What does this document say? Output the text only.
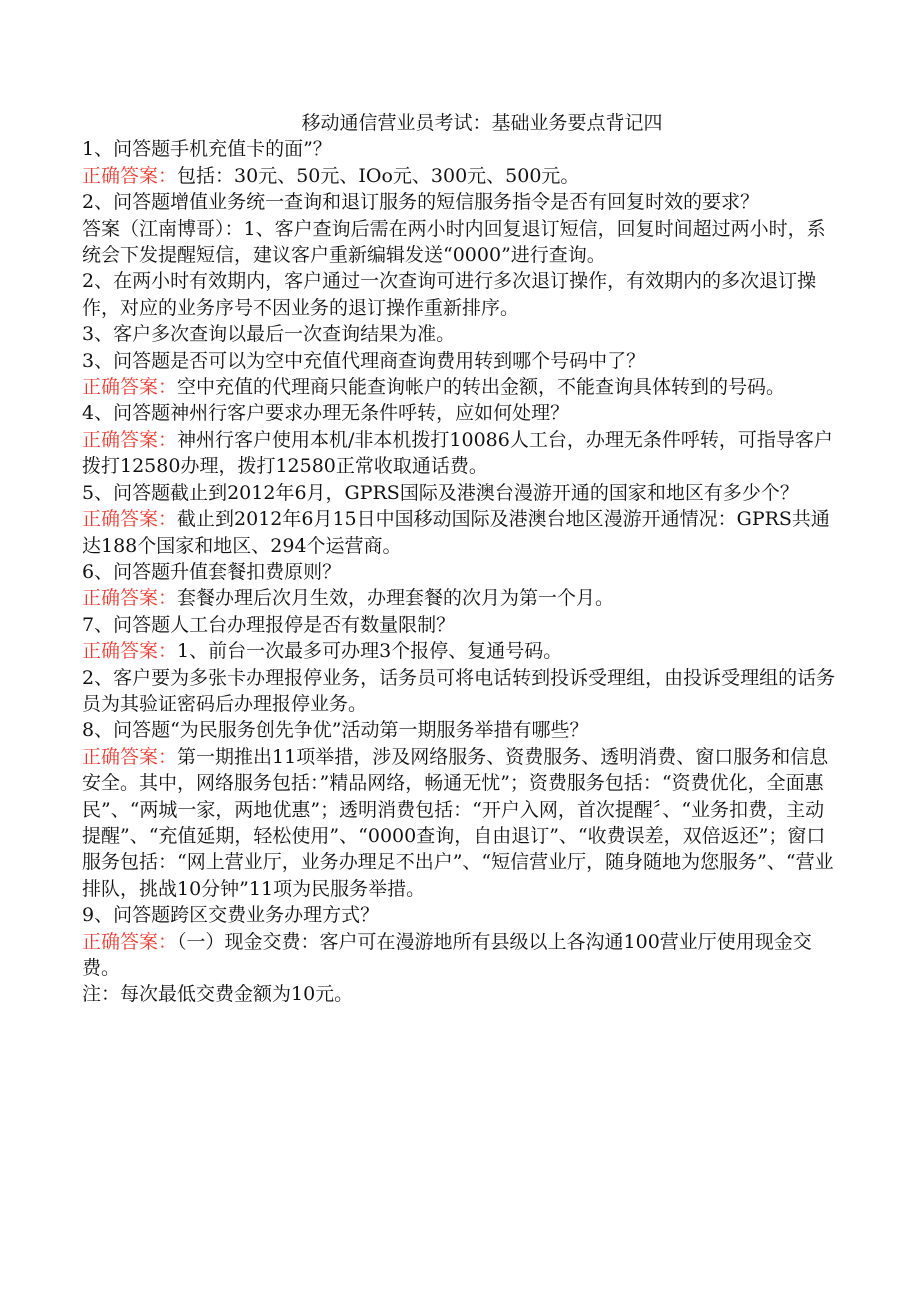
移动通信营业员考试：基础业务要点背记四

1、问答题手机充值卡的面”？

正确答案：包括：30元、50元、IOo元、300元、500元。

2、问答题增值业务统一查询和退订服务的短信服务指令是否有回复时效的要求？

答案（江南博哥）：1、客户查询后需在两小时内回复退订短信，回复时间超过两小时，系统会下发提醒短信，建议客户重新编辑发送“0000”进行查询。

2、在两小时有效期内，客户通过一次查询可进行多次退订操作，有效期内的多次退订操作，对应的业务序号不因业务的退订操作重新排序。

3、客户多次查询以最后一次查询结果为准。

3、问答题是否可以为空中充值代理商查询费用转到哪个号码中了？

正确答案：空中充值的代理商只能查询帐户的转出金额，不能查询具体转到的号码。

4、问答题神州行客户要求办理无条件呼转，应如何处理？

正确答案：神州行客户使用本机/非本机拨打10086人工台，办理无条件呼转，可指导客户拨打12580办理，拨打12580正常收取通话费。

5、问答题截止到2012年6月，GPRS国际及港澳台漫游开通的国家和地区有多少个？

正确答案：截止到2012年6月15日中国移动国际及港澳台地区漫游开通情况：GPRS共通达188个国家和地区、294个运营商。

6、问答题升值套餐扣费原则？

正确答案：套餐办理后次月生效，办理套餐的次月为第一个月。

7、问答题人工台办理报停是否有数量限制？

正确答案：1、前台一次最多可办理3个报停、复通号码。

2、客户要为多张卡办理报停业务，话务员可将电话转到投诉受理组，由投诉受理组的话务员为其验证密码后办理报停业务。

8、问答题“为民服务创先争优”活动第一期服务举措有哪些？

正确答案：第一期推出11项举措，涉及网络服务、资费服务、透明消费、窗口服务和信息安全。其中，网络服务包括：”精品网络，畅通无忧”；资费服务包括：“资费优化，全面惠民”、“两城一家，两地优惠”；透明消费包括：“开户入网，首次提醒〞、“业务扣费，主动提醒”、“充值延期，轻松使用”、“0000查询，自由退订”、“收费误差，双倍返还”；窗口服务包括：“网上营业厅，业务办理足不出户”、“短信营业厅，随身随地为您服务”、“营业排队，挑战10分钟”11项为民服务举措。

9、问答题跨区交费业务办理方式？

正确答案：（一）现金交费：客户可在漫游地所有县级以上各沟通100营业厅使用现金交费。

注：每次最低交费金额为10元。
